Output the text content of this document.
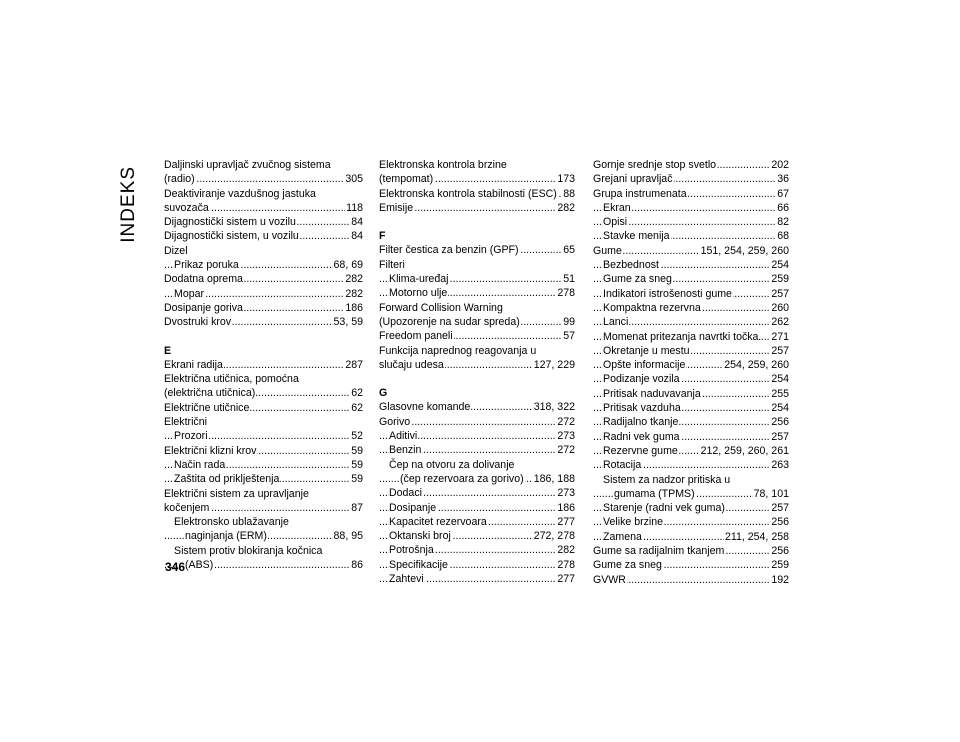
INDEKS
Daljinski upravljač zvučnog sistema
(radio)	305
.....
Deaktiviranje vazdušnog jastuka
suvozača	118
.....
Dijagnostički sistem u vozilu	84
.....
Dijagnostički sistem, u vozilu	84
.....
Dizel
Prikaz poruka	68, 69
.....
Dodatna oprema	282
.....
Mopar	282
.....
Dosipanje goriva	186
.....
Dvostruki krov	53, 59
.....
E
Ekrani radija	287
.....
Električna utičnica, pomoćna
(električna utičnica)	62
.....
Električne utičnice	62
.....
Električni
Prozori	52
.....
Električni klizni krov	59
.....
Način rada	59
.....
Zaštita od priklještenja	59
.....
Električni sistem za upravljanje
kočenjem	87
.....
Elektronsko ublažavanje
naginjanja (ERM)	88, 95
.....
Sistem protiv blokiranja kočnica
(ABS)	86
.....
Elektronska kontrola brzine
(tempomat)	173
.....
Elektronska kontrola stabilnosti (ESC) 88
.....
Emisije	282
.....
F
Filter čestica za benzin (GPF)	65
.....
Filteri
Klima-uređaj	51
.....
Motorno ulje	278
.....
Forward Collision Warning
(Upozorenje na sudar spreda)	99
.....
Freedom paneli	57
.....
Funkcija naprednog reagovanja u
slučaju udesa	127, 229
.....
G
Glasovne komande	318, 322
.....
Gorivo	272
.....
Aditivi	273
.....
Benzin	272
.....
Čep na otvoru za dolivanje
(čep rezervoara za gorivo) 186, 188
.....
Dodaci	273
.....
Dosipanje	186
.....
Kapacitet rezervoara	277
.....
Oktanski broj	272, 278
.....
Potrošnja	282
.....
Specifikacije	278
.....
Zahtevi	277
.....
Gornje srednje stop svetlo	202
.....
Grejani upravljač	36
.....
Grupa instrumenata	67
.....
Ekran	66
.....
Opisi	82
.....
Stavke menija	68
.....
Gume	151, 254, 259, 260
.....
Bezbednost	254
.....
Gume za sneg	259
.....
Indikatori istrošenosti gume	257
.....
Kompaktna rezervna	260
.....
Lanci	262
.....
Momenat pritezanja navrtki točka 271
.....
Okretanje u mestu	257
.....
Opšte informacije	254, 259, 260
.....
Podizanje vozila	254
.....
Pritisak naduvavanja	255
.....
Pritisak vazduha	254
.....
Radijalno tkanje	256
.....
Radni vek guma	257
.....
Rezervne gume 212, 259, 260, 261
.....
Rotacija	263
.....
Sistem za nadzor pritiska u
gumama (TPMS)	78, 101
.....
Starenje (radni vek guma)	257
.....
Velike brzine	256
.....
Zamena	211, 254, 258
.....
Gume sa radijalnim tkanjem	256
.....
Gume za sneg	259
.....
GVWR	192
.....
346
